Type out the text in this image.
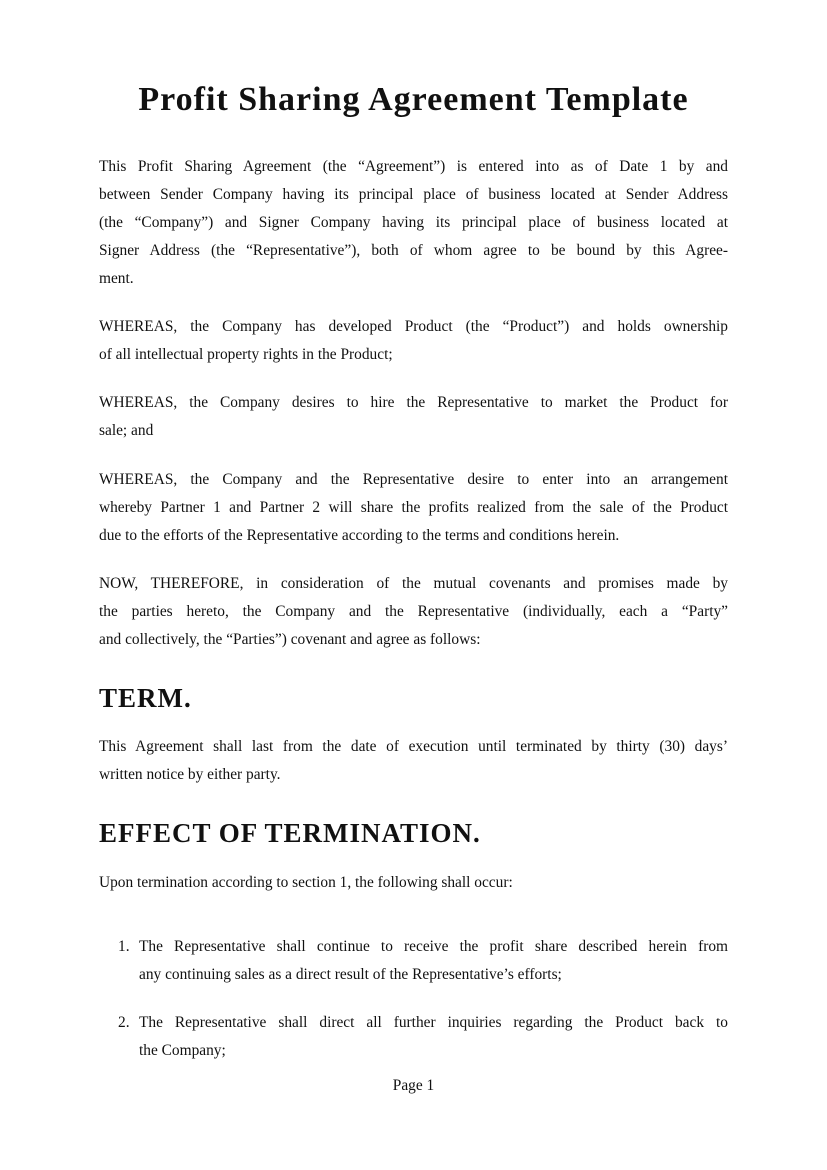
Profit Sharing Agreement Template

This Profit Sharing Agreement (the “Agreement”) is entered into as of Date 1 by and
between Sender Company having its principal place of business located at Sender Address
(the “Company”) and Signer Company having its principal place of business located at
Signer Address (the “Representative”), both of whom agree to be bound by this Agree-
ment.

WHEREAS, the Company has developed Product (the “Product”) and holds ownership
of all intellectual property rights in the Product;

WHEREAS, the Company desires to hire the Representative to market the Product for
sale; and

WHEREAS, the Company and the Representative desire to enter into an arrangement
whereby Partner 1 and Partner 2 will share the profits realized from the sale of the Product
due to the efforts of the Representative according to the terms and conditions herein.

NOW, THEREFORE, in consideration of the mutual covenants and promises made by
the parties hereto, the Company and the Representative (individually, each a “Party”
and collectively, the “Parties”) covenant and agree as follows:

TERM.

This Agreement shall last from the date of execution until terminated by thirty (30) days’
written notice by either party.

EFFECT OF TERMINATION.

Upon termination according to section 1, the following shall occur:

1. The Representative shall continue to receive the profit share described herein from
any continuing sales as a direct result of the Representative’s efforts;
2. The Representative shall direct all further inquiries regarding the Product back to
the Company;
Page 1
